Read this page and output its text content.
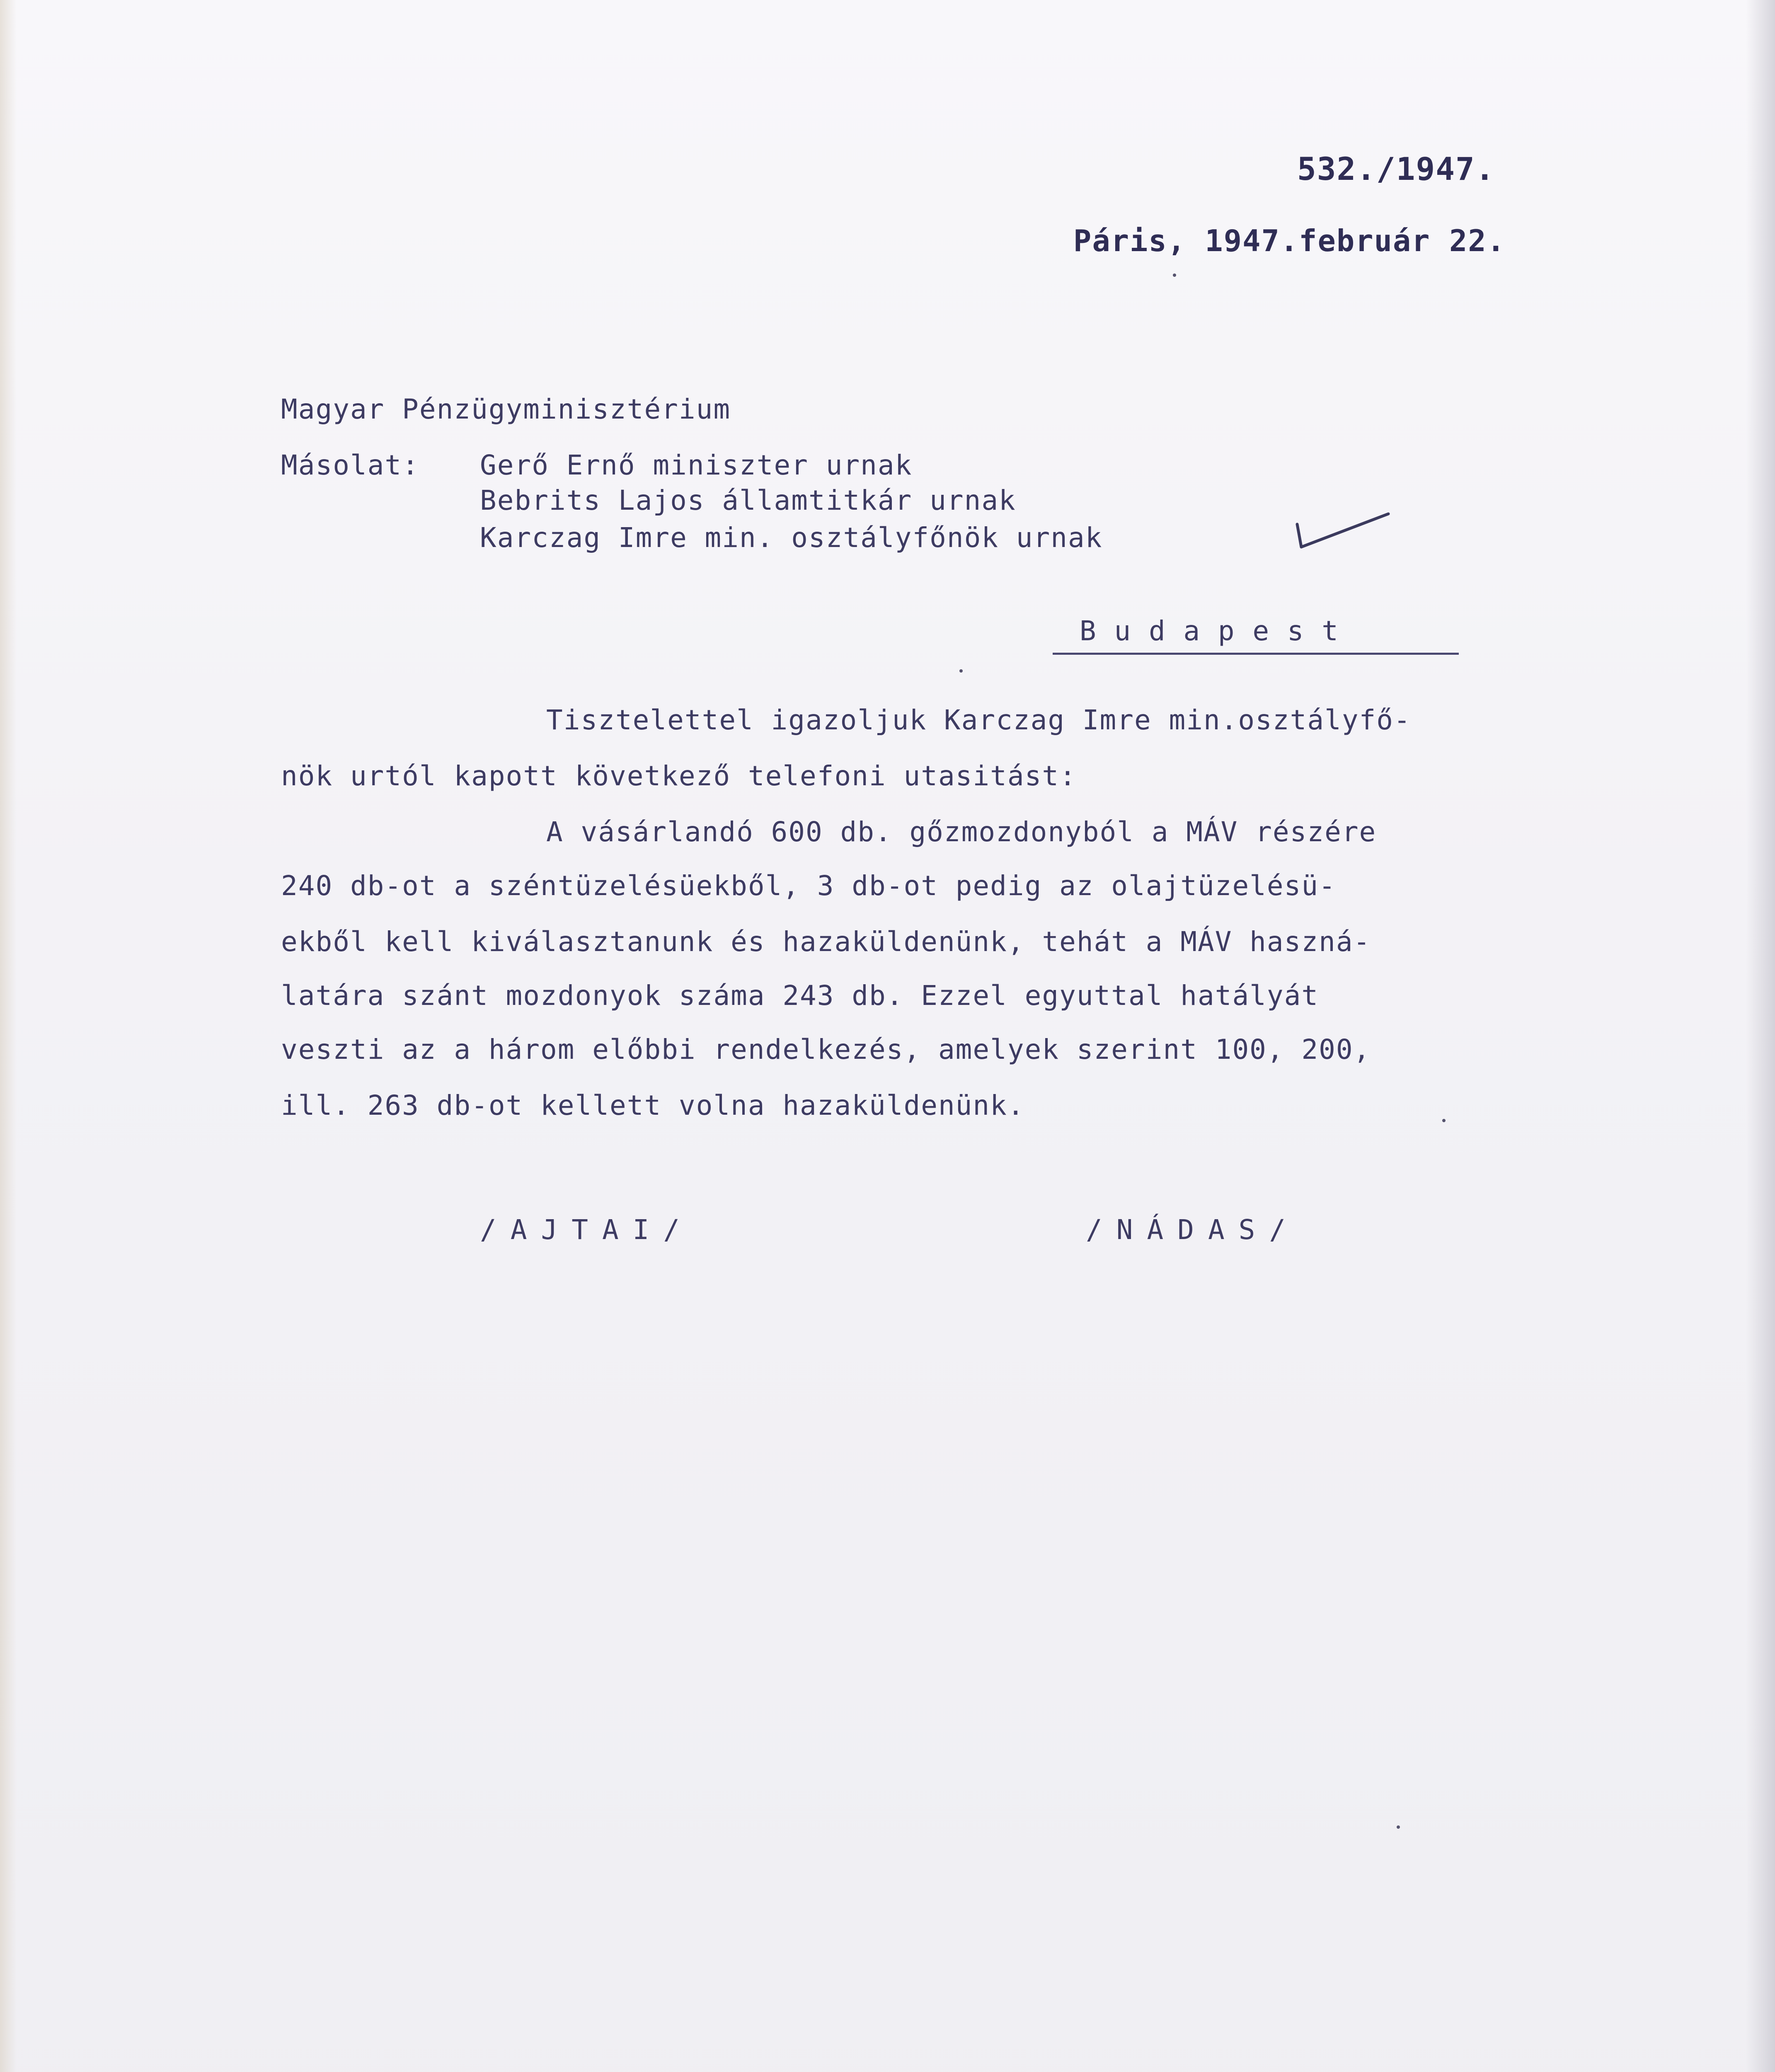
532./1947.
Páris, 1947.február 22.
Magyar Pénzügyminisztérium
Másolat: Gerő Ernő miniszter urnak
Bebrits Lajos államtitkár urnak
Karczag Imre min. osztályfőnök urnak
B u d a p e s t
Tisztelettel igazoljuk Karczag Imre min.osztályfő-
nök urtól kapott következő telefoni utasitást:
A vásárlandó 600 db. gőzmozdonyból a MÁV részére
240 db-ot a széntüzelésüekből, 3 db-ot pedig az olajtüzelésü-
ekből kell kiválasztanunk és hazaküldenünk, tehát a MÁV haszná-
latára szánt mozdonyok száma 243 db. Ezzel egyuttal hatályát
veszti az a három előbbi rendelkezés, amelyek szerint 100, 200,
ill. 263 db-ot kellett volna hazaküldenünk.
/AJTAI/	/NÁDAS/
